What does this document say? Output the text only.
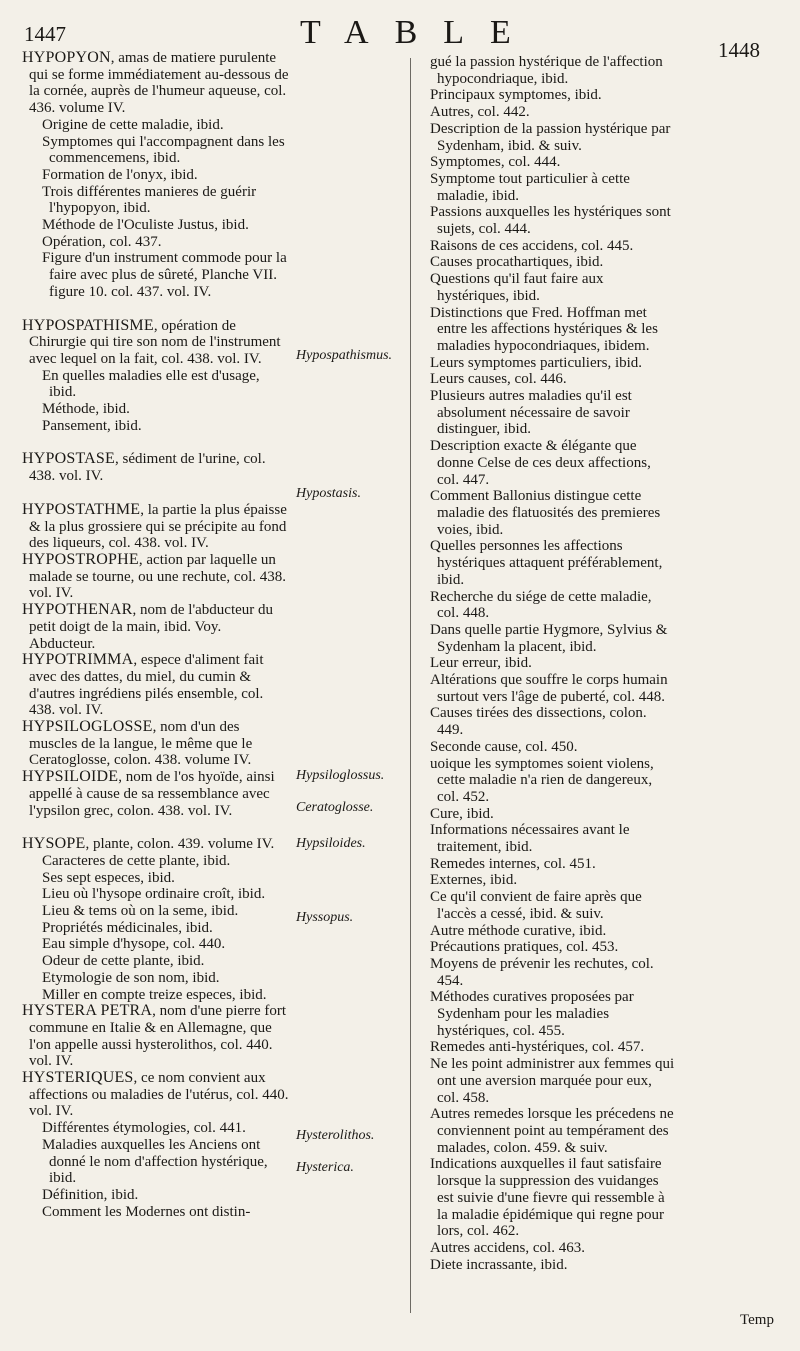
1447	TABLE	1448

HYPOPYON, amas de matiere purulente qui se forme immédiatement au-dessous de la cornée, auprès de l'humeur aqueuse, col. 436. volume IV.

Origine de cette maladie, ibid.

Symptomes qui l'accompagnent dans les commencemens, ibid.

Formation de l'onyx, ibid.

Trois différentes manieres de guérir l'hypopyon, ibid.

Méthode de l'Oculiste Justus, ibid.

Opération, col. 437.

Figure d'un instrument commode pour la faire avec plus de sûreté, Planche VII. figure 10. col. 437. vol. IV.

HYPOSPATHISME, opération de Chirurgie qui tire son nom de l'instrument avec lequel on la fait, col. 438. vol. IV.

En quelles maladies elle est d'usage, ibid.

Méthode, ibid.

Pansement, ibid.

HYPOSTASE, sédiment de l'urine, col. 438. vol. IV.

HYPOSTATHME, la partie la plus épaisse & la plus grossiere qui se précipite au fond des liqueurs, col. 438. vol. IV.

HYPOSTROPHE, action par laquelle un malade se tourne, ou une rechute, col. 438. vol. IV.

HYPOTHENAR, nom de l'abducteur du petit doigt de la main, ibid. Voy. Abducteur.

HYPOTRIMMA, espece d'aliment fait avec des dattes, du miel, du cumin & d'autres ingrédiens pilés ensemble, col. 438. vol. IV.

HYPSILOGLOSSE, nom d'un des muscles de la langue, le même que le Ceratoglosse, colon. 438. volume IV.

HYPSILOIDE, nom de l'os hyoïde, ainsi appellé à cause de sa ressemblance avec l'ypsilon grec, colon. 438. vol. IV.

HYSOPE, plante, colon. 439. volume IV.

Caracteres de cette plante, ibid.

Ses sept especes, ibid.

Lieu où l'hysope ordinaire croît, ibid.

Lieu & tems où on la seme, ibid.

Propriétés médicinales, ibid.

Eau simple d'hysope, col. 440.

Odeur de cette plante, ibid.

Etymologie de son nom, ibid.

Miller en compte treize especes, ibid.

HYSTERA PETRA, nom d'une pierre fort commune en Italie & en Allemagne, que l'on appelle aussi hysterolithos, col. 440. vol. IV.

HYSTERIQUES, ce nom convient aux affections ou maladies de l'utérus, col. 440. vol. IV.

Différentes étymologies, col. 441.

Maladies auxquelles les Anciens ont donné le nom d'affection hystérique, ibid.

Définition, ibid.

Comment les Modernes ont distin-

gué la passion hystérique de l'affection hypocondriaque, ibid.

Principaux symptomes, ibid.

Autres, col. 442.

Description de la passion hystérique par Sydenham, ibid. & suiv.

Symptomes, col. 444.

Symptome tout particulier à cette maladie, ibid.

Passions auxquelles les hystériques sont sujets, col. 444.

Raisons de ces accidens, col. 445.

Causes procathartiques, ibid.

Questions qu'il faut faire aux hystériques, ibid.

Distinctions que Fred. Hoffman met entre les affections hystériques & les maladies hypocondriaques, ibidem.

Leurs symptomes particuliers, ibid.

Leurs causes, col. 446.

Plusieurs autres maladies qu'il est absolument nécessaire de savoir distinguer, ibid.

Description exacte & élégante que donne Celse de ces deux affections, col. 447.

Comment Ballonius distingue cette maladie des flatuosités des premieres voies, ibid.

Quelles personnes les affections hystériques attaquent préférablement, ibid.

Recherche du siége de cette maladie, col. 448.

Dans quelle partie Hygmore, Sylvius & Sydenham la placent, ibid.

Leur erreur, ibid.

Altérations que souffre le corps humain surtout vers l'âge de puberté, col. 448.

Causes tirées des dissections, colon. 449.

Seconde cause, col. 450.

uoique les symptomes soient violens, cette maladie n'a rien de dangereux, col. 452.

Cure, ibid.

Informations nécessaires avant le traitement, ibid.

Remedes internes, col. 451.

Externes, ibid.

Ce qu'il convient de faire après que l'accès a cessé, ibid. & suiv.

Autre méthode curative, ibid.

Précautions pratiques, col. 453.

Moyens de prévenir les rechutes, col. 454.

Méthodes curatives proposées par Sydenham pour les maladies hystériques, col. 455.

Remedes anti-hystériques, col. 457.

Ne les point administrer aux femmes qui ont une aversion marquée pour eux, col. 458.

Autres remedes lorsque les précedens ne conviennent point au tempérament des malades, colon. 459. & suiv.

Indications auxquelles il faut satisfaire lorsque la suppression des vuidanges est suivie d'une fievre qui ressemble à la maladie épidémique qui regne pour lors, col. 462.

Autres accidens, col. 463.

Diete incrassante, ibid.

Hypospathismus.
Hypostasis.
Hypsiloglossus.
Ceratoglosse.
Hypsiloides.
Hyssopus.
Hysterolithos.
Hysterica.
Temp
